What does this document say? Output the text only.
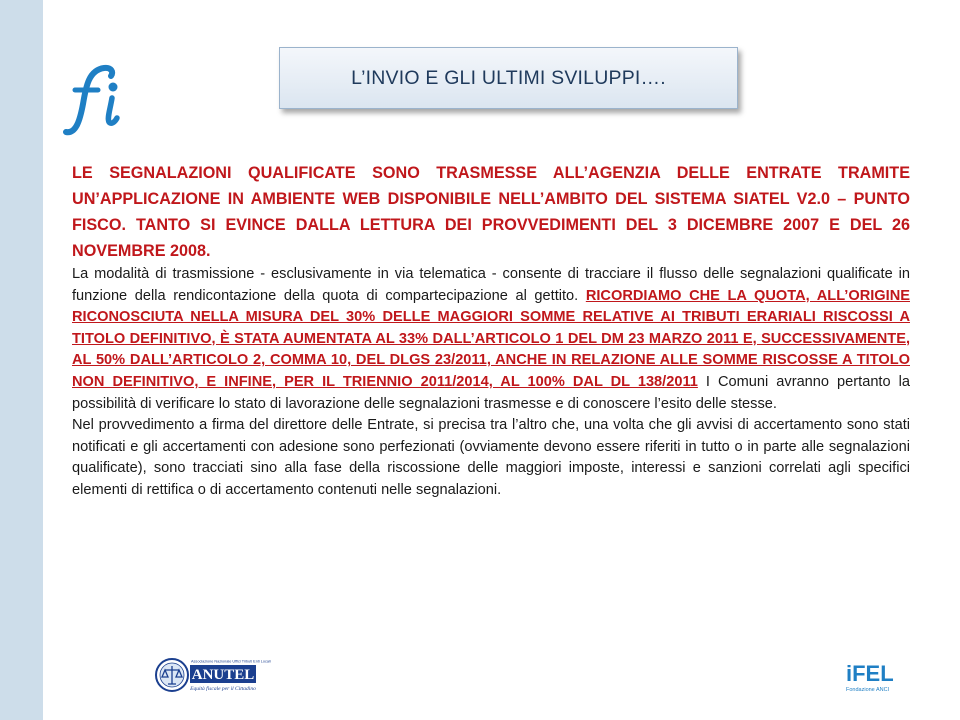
L’INVIO E GLI ULTIMI SVILUPPI….

LE SEGNALAZIONI QUALIFICATE SONO TRASMESSE ALL’AGENZIA DELLE ENTRATE TRAMITE UN’APPLICAZIONE IN AMBIENTE WEB DISPONIBILE NELL’AMBITO DEL SISTEMA SIATEL V2.0 – PUNTO FISCO. TANTO SI EVINCE DALLA LETTURA DEI PROVVEDIMENTI DEL 3 DICEMBRE 2007 E DEL 26 NOVEMBRE 2008.

La modalità di trasmissione - esclusivamente in via telematica - consente di tracciare il flusso delle segnalazioni qualificate in funzione della rendicontazione della quota di compartecipazione al gettito. RICORDIAMO CHE LA QUOTA, ALL’ORIGINE RICONOSCIUTA NELLA MISURA DEL 30% DELLE MAGGIORI SOMME RELATIVE AI TRIBUTI ERARIALI RISCOSSI A TITOLO DEFINITIVO, È STATA AUMENTATA AL 33% DALL’ARTICOLO 1 DEL DM 23 MARZO 2011 E, SUCCESSIVAMENTE, AL 50% DALL’ARTICOLO 2, COMMA 10, DEL DLGS 23/2011, ANCHE IN RELAZIONE ALLE SOMME RISCOSSE A TITOLO NON DEFINITIVO, E INFINE, PER IL TRIENNIO 2011/2014, AL 100% DAL DL 138/2011 I Comuni avranno pertanto la possibilità di verificare lo stato di lavorazione delle segnalazioni trasmesse e di conoscere l’esito delle stesse.

Nel provvedimento a firma del direttore delle Entrate, si precisa tra l’altro che, una volta che gli avvisi di accertamento sono stati notificati e gli accertamenti con adesione sono perfezionati (ovviamente devono essere riferiti in tutto o in parte alle segnalazioni qualificate), sono tracciati sino alla fase della riscossione delle maggiori imposte, interessi e sanzioni correlati agli specifici elementi di rettifica o di accertamento contenuti nelle segnalazioni.

Associazione Nazionale Uffici Tributi Enti Locali
ANUTEL
Equità fiscale per il Cittadino
iFEL
Fondazione ANCI
